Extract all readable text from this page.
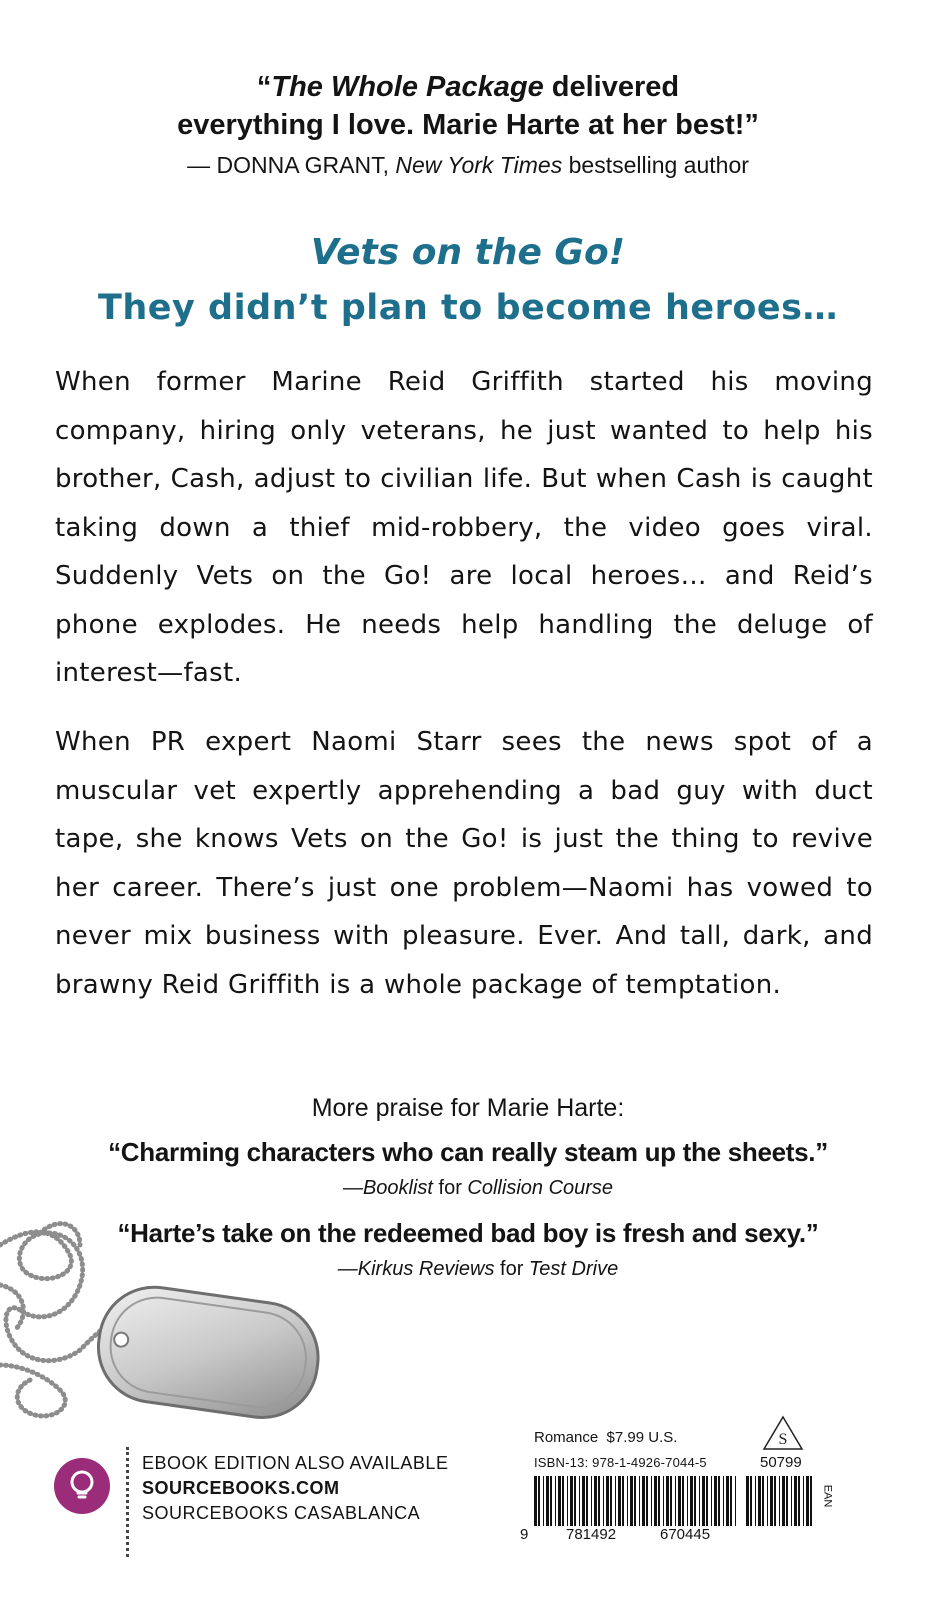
“The Whole Package delivered
everything I love. Marie Harte at her best!”
— DONNA GRANT, New York Times bestselling author
Vets on the Go!
They didn’t plan to become heroes…
When former Marine Reid Griffith started his moving company, hiring only veterans, he just wanted to help his brother, Cash, adjust to civilian life. But when Cash is caught taking down a thief mid-robbery, the video goes viral. Suddenly Vets on the Go! are local heroes… and Reid’s phone explodes. He needs help handling the deluge of interest—fast.
When PR expert Naomi Starr sees the news spot of a muscular vet expertly apprehending a bad guy with duct tape, she knows Vets on the Go! is just the thing to revive her career. There’s just one problem—Naomi has vowed to never mix business with pleasure. Ever. And tall, dark, and brawny Reid Griffith is a whole package of temptation.
More praise for Marie Harte:
“Charming characters who can really steam up the sheets.”
—Booklist for Collision Course
“Harte’s take on the redeemed bad boy is fresh and sexy.”
—Kirkus Reviews for Test Drive
EBOOK EDITION ALSO AVAILABLE
SOURCEBOOKS.COM
SOURCEBOOKS CASABLANCA
Romance $7.99 U.S.
ISBN-13: 978-1-4926-7044-5
S
50799
9	781492	670445
EAN
